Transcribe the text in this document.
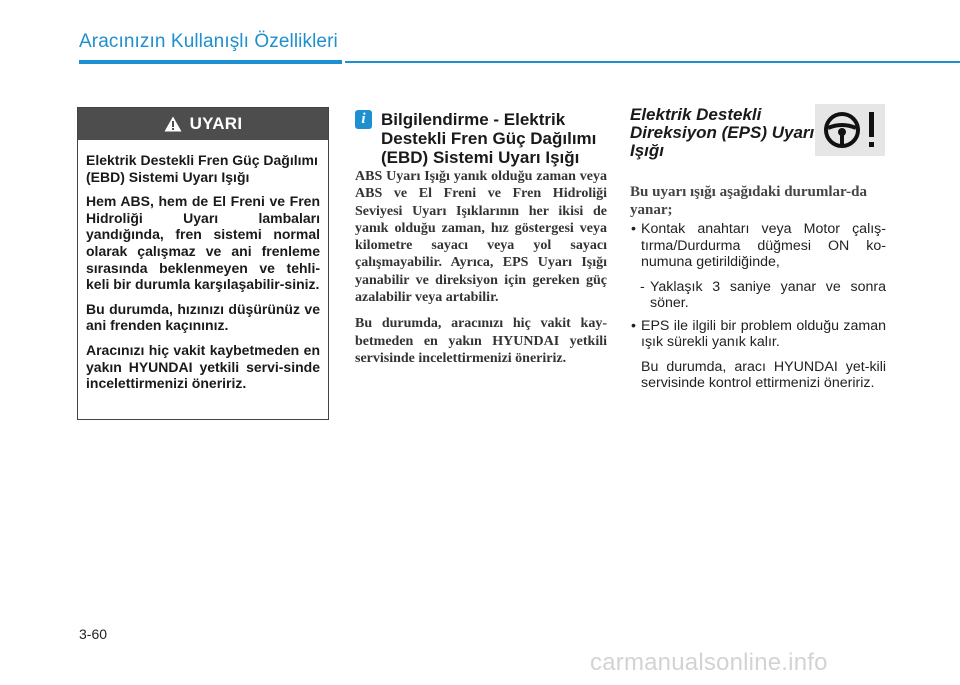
Aracınızın Kullanışlı Özellikleri
UYARI

Elektrik Destekli Fren Güç Dağılımı (EBD) Sistemi Uyarı Işığı

Hem ABS, hem de El Freni ve Fren Hidroliği Uyarı lambaları yandığında, fren sistemi normal olarak çalışmaz ve ani frenleme sırasında beklenmeyen ve tehli-keli bir durumla karşılaşabilir-siniz.

Bu durumda, hızınızı düşürünüz ve ani frenden kaçınınız.

Aracınızı hiç vakit kaybetmeden en yakın HYUNDAI yetkili servi-sinde incelettirmenizi öneririz.

i Bilgilendirme - Elektrik Destekli Fren Güç Dağılımı (EBD) Sistemi Uyarı Işığı

ABS Uyarı Işığı yanık olduğu zaman veya ABS ve El Freni ve Fren Hidroliği Seviyesi Uyarı Işıklarının her ikisi de yanık olduğu zaman, hız göstergesi veya kilometre sayacı veya yol sayacı çalışmayabilir. Ayrıca, EPS Uyarı Işığı yanabilir ve direksiyon için gereken güç azalabilir veya artabilir.

Bu durumda, aracınızı hiç vakit kay-betmeden en yakın HYUNDAI yetkili servisinde incelettirmenizi öneririz.

Elektrik Destekli Direksiyon (EPS) Uyarı Işığı
Bu uyarı ışığı aşağıdaki durumlar-da yanar;
• Kontak anahtarı veya Motor çalış-tırma/Durdurma düğmesi ON ko-numuna getirildiğinde,
- Yaklaşık 3 saniye yanar ve sonra söner.
• EPS ile ilgili bir problem olduğu zaman ışık sürekli yanık kalır.
Bu durumda, aracı HYUNDAI yet-kili servisinde kontrol ettirmenizi öneririz.
3-60
carmanualsonline.info
